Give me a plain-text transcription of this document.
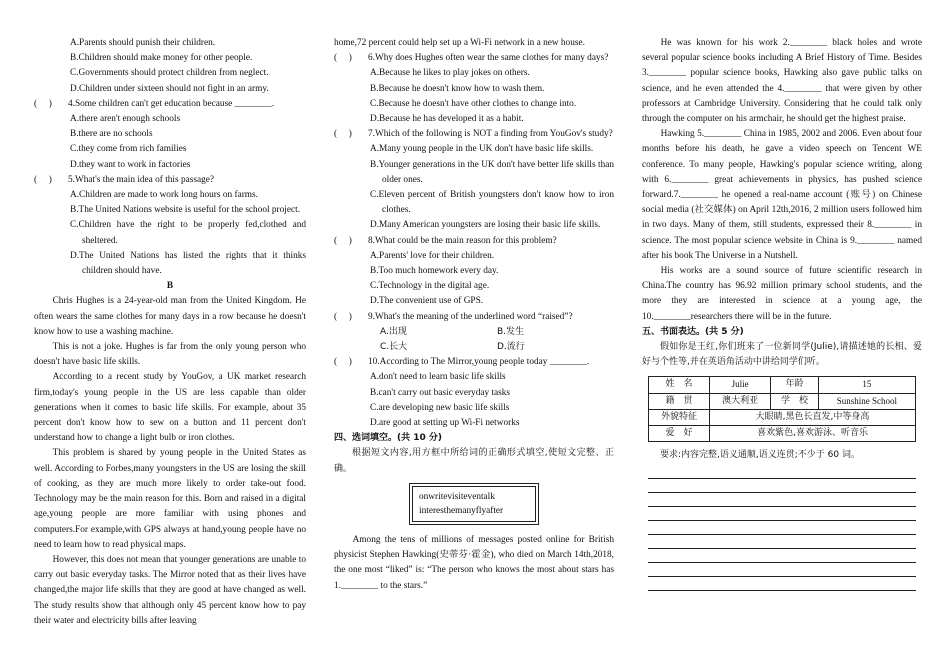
A.Parents should punish their children.

B.Children should make money for other people.

C.Governments should protect children from neglect.

D.Children under sixteen should not fight in an army.

(     )	4.Some children can't get education because ________.

A.there aren't enough schools

B.there are no schools

C.they come from rich families

D.they want to work in factories

(     )	5.What's the main idea of this passage?

A.Children are made to work long hours on farms.

B.The United Nations website is useful for the school project.

C.Children have the right to be properly fed,clothed and sheltered.

D.The United Nations has listed the rights that it thinks children should have.

B

Chris Hughes is a 24-year-old man from the United Kingdom. He often wears the same clothes for many days in a row because he doesn't know how to use a washing machine.

This is not a joke. Hughes is far from the only young person who doesn't have basic life skills.

According to a recent study by YouGov, a UK market research firm,today's young people in the US are less capable than older generations when it comes to basic life skills. For example, about 35 percent don't know how to sew on a button and 11 percent don't understand how to change a light bulb or iron clothes.

This problem is shared by young people in the United States as well. According to Forbes,many youngsters in the US are losing the skill of cooking, as they are much more likely to order take-out food. Technology may be the main reason for this. Born and raised in a digital age,young people are more familiar with using phones and computers.For example,with GPS always at hand,young people have no need to learn how to read physical maps.

However, this does not mean that younger generations are unable to carry out basic everyday tasks. The Mirror noted that as their lives have changed,the major life skills that they are good at have changed as well. The study results show that although only 45 percent know how to pay their water and electricity bills after leaving

home,72 percent could help set up a Wi-Fi network in a new house.

(     )	6.Why does Hughes often wear the same clothes for many days?

A.Because he likes to play jokes on others.

B.Because he doesn't know how to wash them.

C.Because he doesn't have other clothes to change into.

D.Because he has developed it as a habit.

(     )	7.Which of the following is NOT a finding from YouGov's study?

A.Many young people in the UK don't have basic life skills.

B.Younger generations in the UK don't have better life skills than older ones.

C.Eleven percent of British youngsters don't know how to iron clothes.

D.Many American youngsters are losing their basic life skills.

(     )	8.What could be the main reason for this problem?

A.Parents' love for their children.

B.Too much homework every day.

C.Technology in the digital age.

D.The convenient use of GPS.

(     )	9.What's the meaning of the underlined word “raised”?
A.出现	B.发生
C.长大	D.流行
(     )	10.According to The Mirror,young people today ________.

A.don't need to learn basic life skills

B.can't carry out basic everyday tasks

C.are developing new basic life skills

D.are good at setting up Wi-Fi networks

四、选词填空。(共 10 分)

根据短文内容,用方框中所给词的正确形式填空,使短文完整、正确。

onwritevisiteventalk
interesthemanyflyafter

Among the tens of millions of messages posted online for British physicist Stephen Hawking(史蒂芬·霍金), who died on March 14th,2018, the one most “liked” is: “The person who knows the most about stars has 1.________ to the stars.”

He was known for his work 2.________ black holes and wrote several popular science books including A Brief History of Time. Besides 3.________ popular science books, Hawking also gave public talks on science, and he even attended the 4.________ that were given by other professors at Cambridge University. Considering that he could talk only through the computer on his armchair, he should get the highest praise.

Hawking 5.________ China in 1985, 2002 and 2006. Even about four months before his death, he gave a video speech on Tencent WE conference. To many people, Hawking's popular science writing, along with 6.________ great achievements in physics, has pushed science forward.7.________ he opened a real-name account (账号) on Chinese social media (社交媒体) on April 12th,2016, 2 million users followed him in two days. Many of them, still students, expressed their 8.________ in science. The most popular science website in China is 9.________ named after his book The Universe in a Nutshell.

His works are a sound source of future scientific research in China.The country has 96.92 million primary school students, and the more they are interested in science at a young age, the 10.________researchers there will be in the future.

五、书面表达。(共 5 分)

假如你是王红,你们班来了一位新同学(Julie),请描述她的长相、爱好与个性等,并在英语角活动中讲给同学们听。

姓　名	Julie	年龄	15
籍　贯	澳大利亚	学　校	Sunshine School
外貌特征	大眼睛,黑色长直发,中等身高		
爱　好	喜欢紫色,喜欢游泳、听音乐		

要求:内容完整,语义通顺,语义连贯;不少于 60 词。
